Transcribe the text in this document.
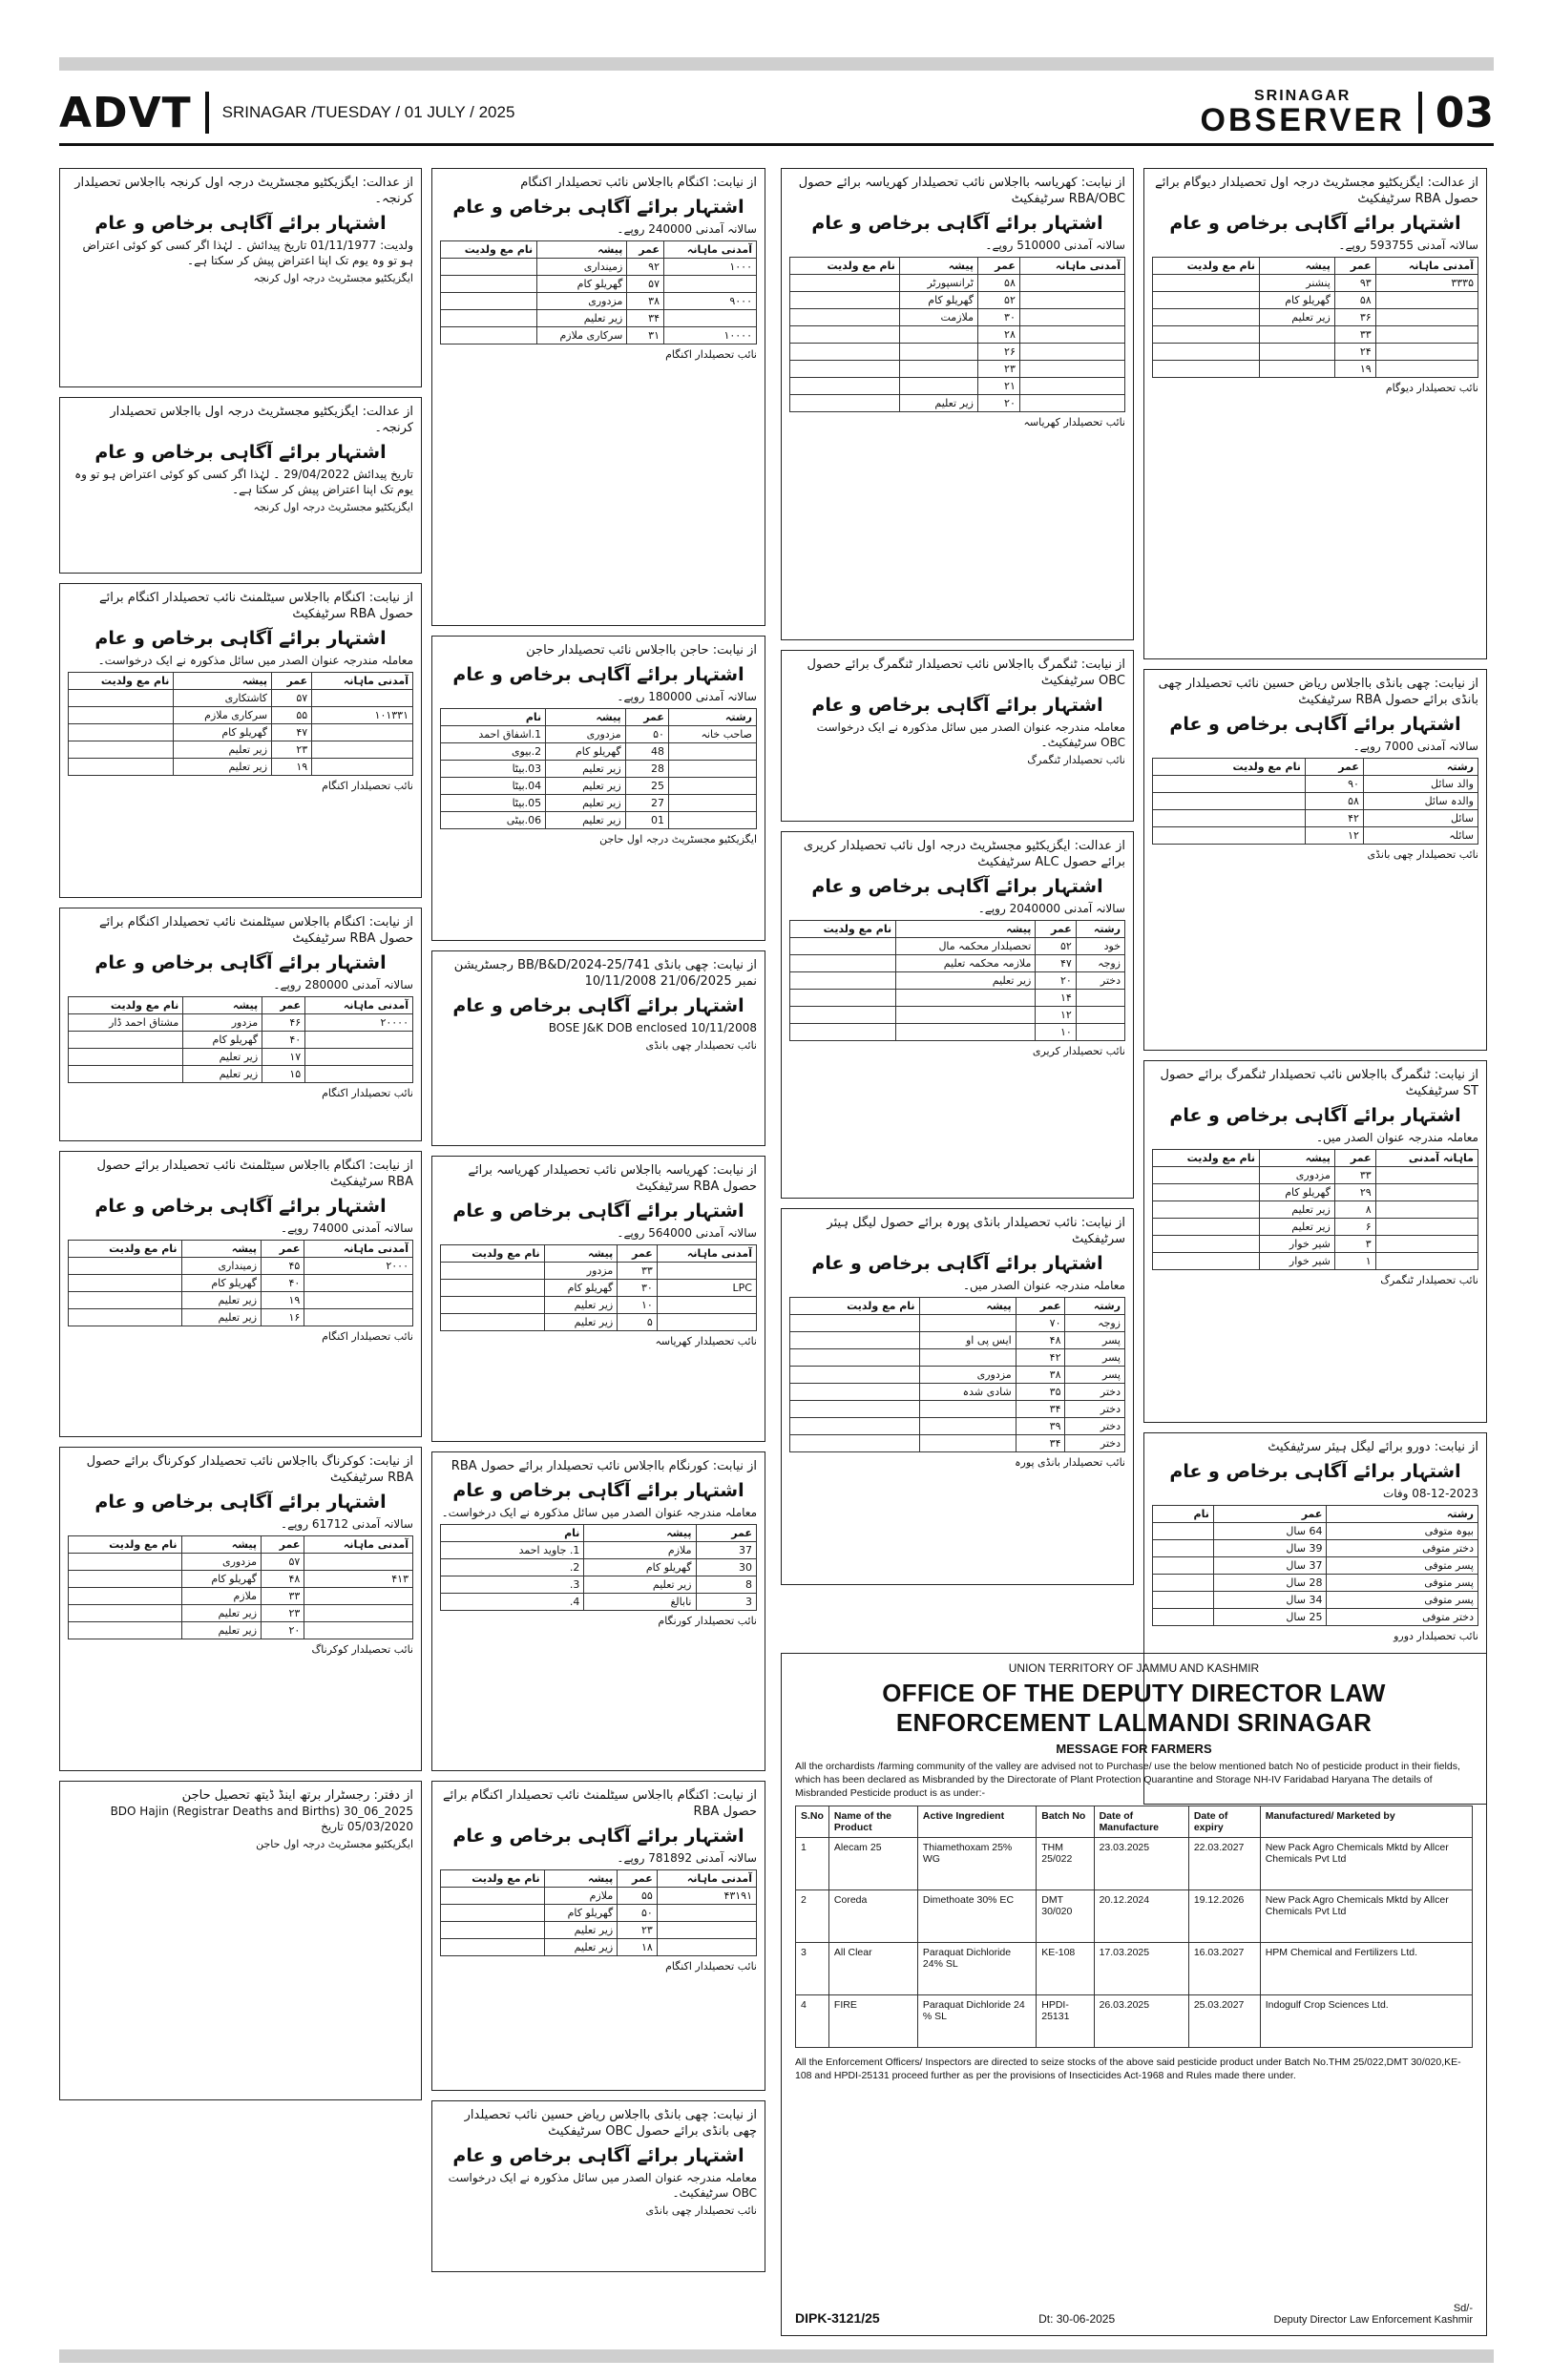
ADVT SRINAGAR /TUESDAY / 01 JULY / 2025
SRINAGAR
OBSERVER 03
از عدالت: ایگزیکٹیو مجسٹریٹ درجہ اول کرنجہ بااجلاس تحصیلدار کرنجہ۔
اشتہار برائے آگاہی برخاص و عام
ولدیت: 01/11/1977 تاریخ پیدائش ۔ لہٰذا اگر کسی کو کوئی اعتراض ہو تو وہ یوم تک اپنا اعتراض پیش کر سکتا ہے۔
ایگزیکٹیو مجسٹریٹ درجہ اول کرنجہ
از عدالت: ایگزیکٹیو مجسٹریٹ درجہ اول بااجلاس تحصیلدار کرنجہ۔
اشتہار برائے آگاہی برخاص و عام
تاریخ پیدائش 29/04/2022 ۔ لہٰذا اگر کسی کو کوئی اعتراض ہو تو وہ یوم تک اپنا اعتراض پیش کر سکتا ہے۔
ایگزیکٹیو مجسٹریٹ درجہ اول کرنجہ
از نیابت: اکنگام بااجلاس سیٹلمنٹ نائب تحصیلدار اکنگام برائے حصول RBA سرٹیفکیٹ
اشتہار برائے آگاہی برخاص و عام
معاملہ مندرجہ عنوان الصدر میں سائل مذکورہ نے ایک درخواست۔
آمدنی ماہانہ	عمر	پیشہ	نام مع ولدیت
	۵۷	کاشتکاری	
۱۰۱۳۳۱	۵۵	سرکاری ملازم	
	۴۷	گھریلو کام	
	۲۳	زیر تعلیم	
	۱۹	زیر تعلیم	
نائب تحصیلدار اکنگام
از نیابت: اکنگام بااجلاس سیٹلمنٹ نائب تحصیلدار اکنگام برائے حصول RBA سرٹیفکیٹ
اشتہار برائے آگاہی برخاص و عام
سالانہ آمدنی 280000 روپے۔
آمدنی ماہانہ	عمر	پیشہ	نام مع ولدیت
۲۰۰۰۰	۴۶	مزدور	مشتاق احمد ڈار
	۴۰	گھریلو کام	
	۱۷	زیر تعلیم	
	۱۵	زیر تعلیم	
نائب تحصیلدار اکنگام
از نیابت: اکنگام بااجلاس سیٹلمنٹ نائب تحصیلدار برائے حصول RBA سرٹیفکیٹ
اشتہار برائے آگاہی برخاص و عام
سالانہ آمدنی 74000 روپے۔
آمدنی ماہانہ	عمر	پیشہ	نام مع ولدیت
۲۰۰۰	۴۵	زمینداری	
	۴۰	گھریلو کام	
	۱۹	زیر تعلیم	
	۱۶	زیر تعلیم	
نائب تحصیلدار اکنگام
از نیابت: کوکرناگ بااجلاس نائب تحصیلدار کوکرناگ برائے حصول RBA سرٹیفکیٹ
اشتہار برائے آگاہی برخاص و عام
سالانہ آمدنی 61712 روپے۔
آمدنی ماہانہ	عمر	پیشہ	نام مع ولدیت
	۵۷	مزدوری	
۴۱۳	۴۸	گھریلو کام	
	۳۳	ملازم	
	۲۳	زیر تعلیم	
	۲۰	زیر تعلیم	
نائب تحصیلدار کوکرناگ
از دفتر: رجسٹرار برتھ اینڈ ڈیتھ تحصیل حاجن
2025_06_30 (Registrar Deaths and Births) BDO Hajin 05/03/2020 تاریخ
ایگزیکٹیو مجسٹریٹ درجہ اول حاجن
از نیابت: اکنگام بااجلاس نائب تحصیلدار اکنگام
اشتہار برائے آگاہی برخاص و عام
سالانہ آمدنی 240000 روپے۔
آمدنی ماہانہ	عمر	پیشہ	نام مع ولدیت
۱۰۰۰	۹۲	زمینداری	
	۵۷	گھریلو کام	
۹۰۰۰	۳۸	مزدوری	
	۳۴	زیر تعلیم	
۱۰۰۰۰	۳۱	سرکاری ملازم	
نائب تحصیلدار اکنگام
از نیابت: حاجن بااجلاس نائب تحصیلدار حاجن
اشتہار برائے آگاہی برخاص و عام
سالانہ آمدنی 180000 روپے۔
رشتہ	عمر	پیشہ	نام
صاحب خانہ	۵۰	مزدوری	1.اشفاق احمد
	48	گھریلو کام	2.بیوی
	28	زیر تعلیم	03.بیٹا
	25	زیر تعلیم	04.بیٹا
	27	زیر تعلیم	05.بیٹا
	01	زیر تعلیم	06.بیٹی
ایگزیکٹیو مجسٹریٹ درجہ اول حاجن
از نیابت: چھی بانڈی BB/B&D/2024-25/741 رجسٹریشن نمبر 21/06/2025 10/11/2008
اشتہار برائے آگاہی برخاص و عام
BOSE J&K DOB enclosed 10/11/2008
نائب تحصیلدار چھی بانڈی
از نیابت: کھریاسہ بااجلاس نائب تحصیلدار کھریاسہ برائے حصول RBA سرٹیفکیٹ
اشتہار برائے آگاہی برخاص و عام
سالانہ آمدنی 564000 روپے۔
آمدنی ماہانہ	عمر	پیشہ	نام مع ولدیت
	۳۳	مزدور	
LPC	۳۰	گھریلو کام	
	۱۰	زیر تعلیم	
	۵	زیر تعلیم	
نائب تحصیلدار کھریاسہ
از نیابت: کورنگام بااجلاس نائب تحصیلدار برائے حصول RBA
اشتہار برائے آگاہی برخاص و عام
معاملہ مندرجہ عنوان الصدر میں سائل مذکورہ نے ایک درخواست۔
عمر	پیشہ	نام
37	ملازم	1. جاوید احمد
30	گھریلو کام	2.
8	زیر تعلیم	3.
3	نابالغ	4.
نائب تحصیلدار کورنگام
از نیابت: اکنگام بااجلاس سیٹلمنٹ نائب تحصیلدار اکنگام برائے حصول RBA
اشتہار برائے آگاہی برخاص و عام
سالانہ آمدنی 781892 روپے۔
آمدنی ماہانہ	عمر	پیشہ	نام مع ولدیت
۴۳۱۹۱	۵۵	ملازم	
	۵۰	گھریلو کام	
	۲۳	زیر تعلیم	
	۱۸	زیر تعلیم	
نائب تحصیلدار اکنگام
از نیابت: چھی بانڈی بااجلاس ریاض حسین نائب تحصیلدار چھی بانڈی برائے حصول OBC سرٹیفکیٹ
اشتہار برائے آگاہی برخاص و عام
معاملہ مندرجہ عنوان الصدر میں سائل مذکورہ نے ایک درخواست OBC سرٹیفکیٹ۔
نائب تحصیلدار چھی بانڈی
از نیابت: کھریاسہ بااجلاس نائب تحصیلدار کھریاسہ برائے حصول RBA/OBC سرٹیفکیٹ
اشتہار برائے آگاہی برخاص و عام
سالانہ آمدنی 510000 روپے۔
آمدنی ماہانہ	عمر	پیشہ	نام مع ولدیت
	۵۸	ٹرانسپورٹر	
	۵۲	گھریلو کام	
	۳۰	ملازمت	
	۲۸		
	۲۶		
	۲۳		
	۲۱		
	۲۰	زیر تعلیم	
نائب تحصیلدار کھریاسہ
از نیابت: ٹنگمرگ بااجلاس نائب تحصیلدار ٹنگمرگ برائے حصول OBC سرٹیفکیٹ
اشتہار برائے آگاہی برخاص و عام
معاملہ مندرجہ عنوان الصدر میں سائل مذکورہ نے ایک درخواست OBC سرٹیفکیٹ۔
نائب تحصیلدار ٹنگمرگ
از عدالت: ایگزیکٹیو مجسٹریٹ درجہ اول نائب تحصیلدار کریری برائے حصول ALC سرٹیفکیٹ
اشتہار برائے آگاہی برخاص و عام
سالانہ آمدنی 2040000 روپے۔
رشتہ	عمر	پیشہ	نام مع ولدیت
خود	۵۲	تحصیلدار محکمہ مال	
زوجہ	۴۷	ملازمہ محکمہ تعلیم	
دختر	۲۰	زیر تعلیم	
	۱۴		
	۱۲		
	۱۰		
نائب تحصیلدار کریری
از نیابت: نائب تحصیلدار بانڈی پورہ برائے حصول لیگل ہیئر سرٹیفکیٹ
اشتہار برائے آگاہی برخاص و عام
معاملہ مندرجہ عنوان الصدر میں۔
رشتہ	عمر	پیشہ	نام مع ولدیت
زوجہ	۷۰		
پسر	۴۸	ایس پی او	
پسر	۴۲		
پسر	۳۸	مزدوری	
دختر	۳۵	شادی شدہ	
دختر	۳۴		
دختر	۳۹		
دختر	۳۴		
نائب تحصیلدار بانڈی پورہ
از عدالت: ایگزیکٹیو مجسٹریٹ درجہ اول تحصیلدار دیوگام برائے حصول RBA سرٹیفکیٹ
اشتہار برائے آگاہی برخاص و عام
سالانہ آمدنی 593755 روپے۔
آمدنی ماہانہ	عمر	پیشہ	نام مع ولدیت
۳۳۳۵	۹۳	پنشنر	
	۵۸	گھریلو کام	
	۳۶	زیر تعلیم	
	۳۳		
	۲۴		
	۱۹		
نائب تحصیلدار دیوگام
از نیابت: چھی بانڈی بااجلاس ریاض حسین نائب تحصیلدار چھی بانڈی برائے حصول RBA سرٹیفکیٹ
اشتہار برائے آگاہی برخاص و عام
سالانہ آمدنی 7000 روپے۔
رشتہ	عمر	نام مع ولدیت
والد سائل	۹۰	
والدہ سائل	۵۸	
سائل	۴۲	
سائلہ	۱۲	
نائب تحصیلدار چھی بانڈی
از نیابت: ٹنگمرگ بااجلاس نائب تحصیلدار ٹنگمرگ برائے حصول ST سرٹیفکیٹ
اشتہار برائے آگاہی برخاص و عام
معاملہ مندرجہ عنوان الصدر میں۔
ماہانہ آمدنی	عمر	پیشہ	نام مع ولدیت
	۳۳	مزدوری	
	۲۹	گھریلو کام	
	۸	زیر تعلیم	
	۶	زیر تعلیم	
	۳	شیر خوار	
	۱	شیر خوار	
نائب تحصیلدار ٹنگمرگ
از نیابت: دورو برائے لیگل ہیئر سرٹیفکیٹ
اشتہار برائے آگاہی برخاص و عام
08-12-2023 وفات
رشتہ	عمر	نام
بیوہ متوفی	64 سال	
دختر متوفی	39 سال	
پسر متوفی	37 سال	
پسر متوفی	28 سال	
پسر متوفی	34 سال	
دختر متوفی	25 سال	
نائب تحصیلدار دورو
UNION TERRITORY OF JAMMU AND KASHMIR
OFFICE OF THE DEPUTY DIRECTOR LAW ENFORCEMENT LALMANDI SRINAGAR
MESSAGE FOR FARMERS
All the orchardists /farming community of the valley are advised not to Purchase/ use the below mentioned batch No of pesticide product in their fields, which has been declared as Misbranded by the Directorate of Plant Protection Quarantine and Storage NH-IV Faridabad Haryana The details of Misbranded Pesticide product is as under:-
S.No	Name of the Product	Active Ingredient	Batch No	Date of Manufacture	Date of expiry	Manufactured/ Marketed by
1	Alecam 25	Thiamethoxam 25% WG	THM 25/022	23.03.2025	22.03.2027	New Pack Agro Chemicals Mktd by Allcer Chemicals Pvt Ltd
2	Coreda	Dimethoate 30% EC	DMT 30/020	20.12.2024	19.12.2026	New Pack Agro Chemicals Mktd by Allcer Chemicals Pvt Ltd
3	All Clear	Paraquat Dichloride 24% SL	KE-108	17.03.2025	16.03.2027	HPM Chemical and Fertilizers Ltd.
4	FIRE	Paraquat Dichloride 24 % SL	HPDI-25131	26.03.2025	25.03.2027	Indogulf Crop Sciences Ltd.
All the Enforcement Officers/ Inspectors are directed to seize stocks of the above said pesticide product under Batch No.THM 25/022,DMT 30/020,KE-108 and HPDI-25131 proceed further as per the provisions of Insecticides Act-1968 and Rules made there under.
DIPK-3121/25	Dt: 30-06-2025
Sd/-
Deputy Director Law Enforcement Kashmir
